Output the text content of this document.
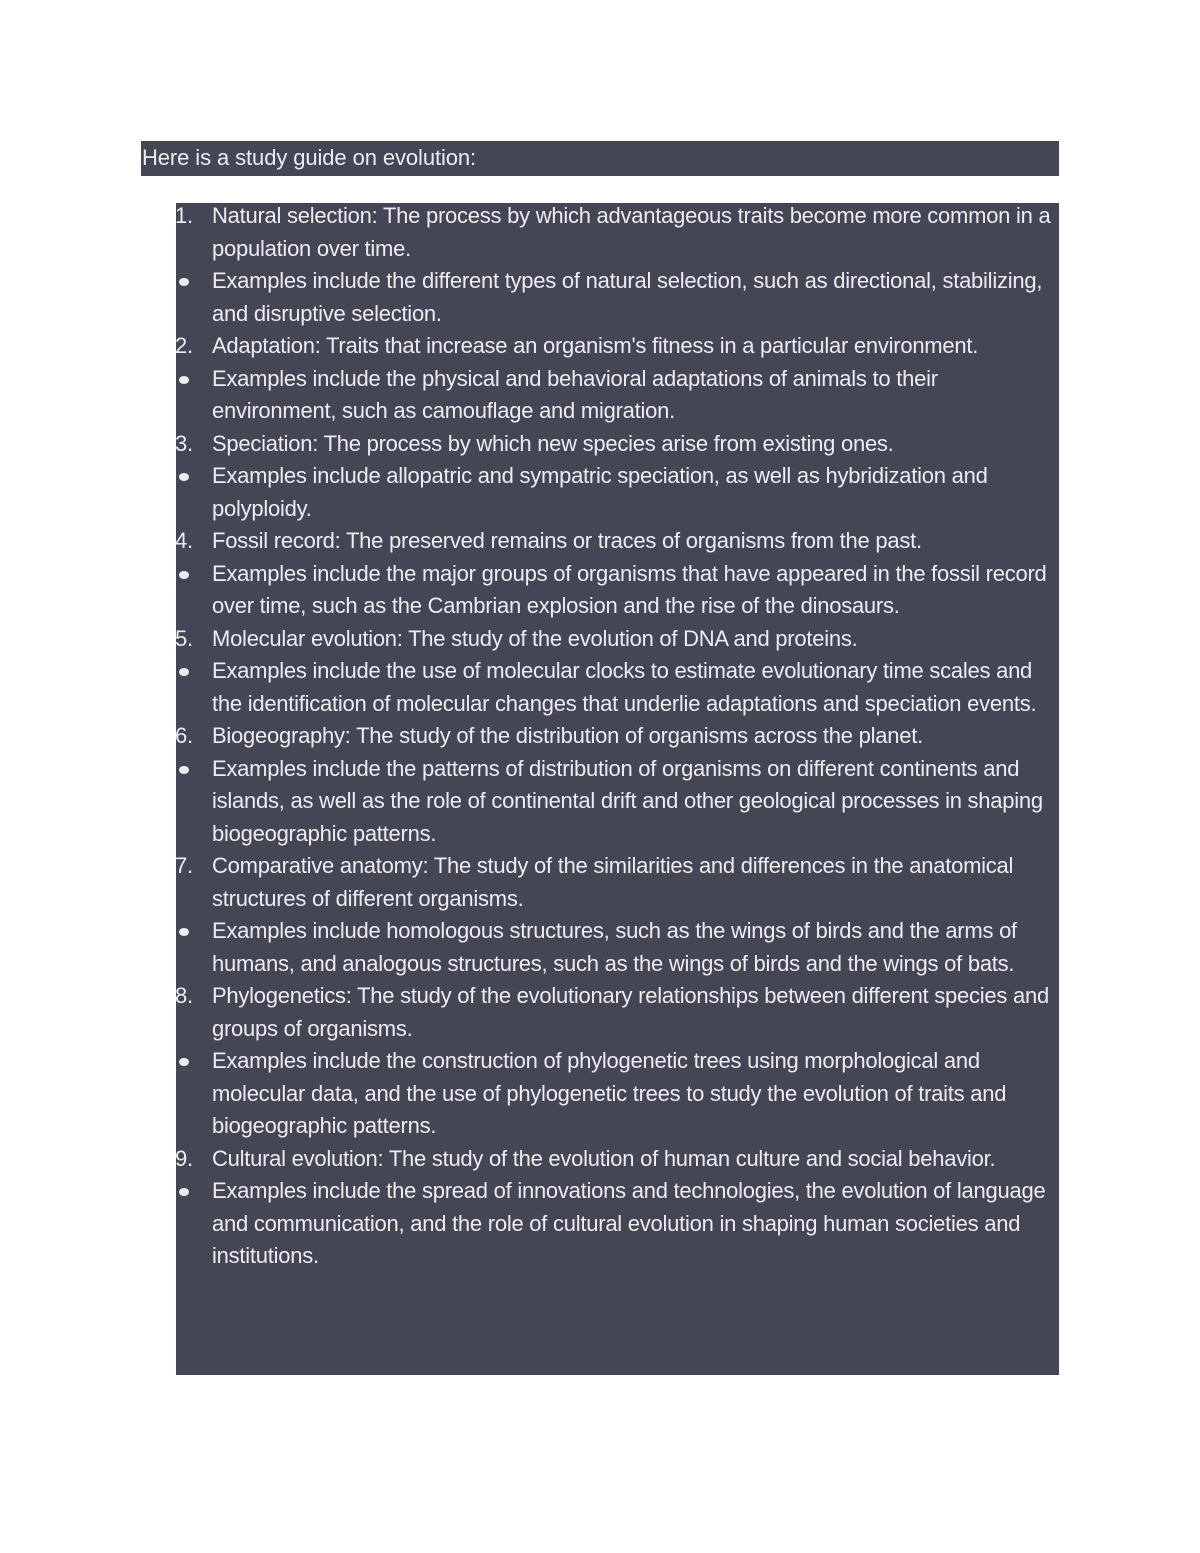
Here is a study guide on evolution:
1. Natural selection: The process by which advantageous traits become more common in a population over time.
Examples include the different types of natural selection, such as directional, stabilizing, and disruptive selection.
2. Adaptation: Traits that increase an organism's fitness in a particular environment.
Examples include the physical and behavioral adaptations of animals to their environment, such as camouflage and migration.
3. Speciation: The process by which new species arise from existing ones.
Examples include allopatric and sympatric speciation, as well as hybridization and polyploidy.
4. Fossil record: The preserved remains or traces of organisms from the past.
Examples include the major groups of organisms that have appeared in the fossil record over time, such as the Cambrian explosion and the rise of the dinosaurs.
5. Molecular evolution: The study of the evolution of DNA and proteins.
Examples include the use of molecular clocks to estimate evolutionary time scales and the identification of molecular changes that underlie adaptations and speciation events.
6. Biogeography: The study of the distribution of organisms across the planet.
Examples include the patterns of distribution of organisms on different continents and islands, as well as the role of continental drift and other geological processes in shaping biogeographic patterns.
7. Comparative anatomy: The study of the similarities and differences in the anatomical structures of different organisms.
Examples include homologous structures, such as the wings of birds and the arms of humans, and analogous structures, such as the wings of birds and the wings of bats.
8. Phylogenetics: The study of the evolutionary relationships between different species and groups of organisms.
Examples include the construction of phylogenetic trees using morphological and molecular data, and the use of phylogenetic trees to study the evolution of traits and biogeographic patterns.
9. Cultural evolution: The study of the evolution of human culture and social behavior.
Examples include the spread of innovations and technologies, the evolution of language and communication, and the role of cultural evolution in shaping human societies and institutions.
